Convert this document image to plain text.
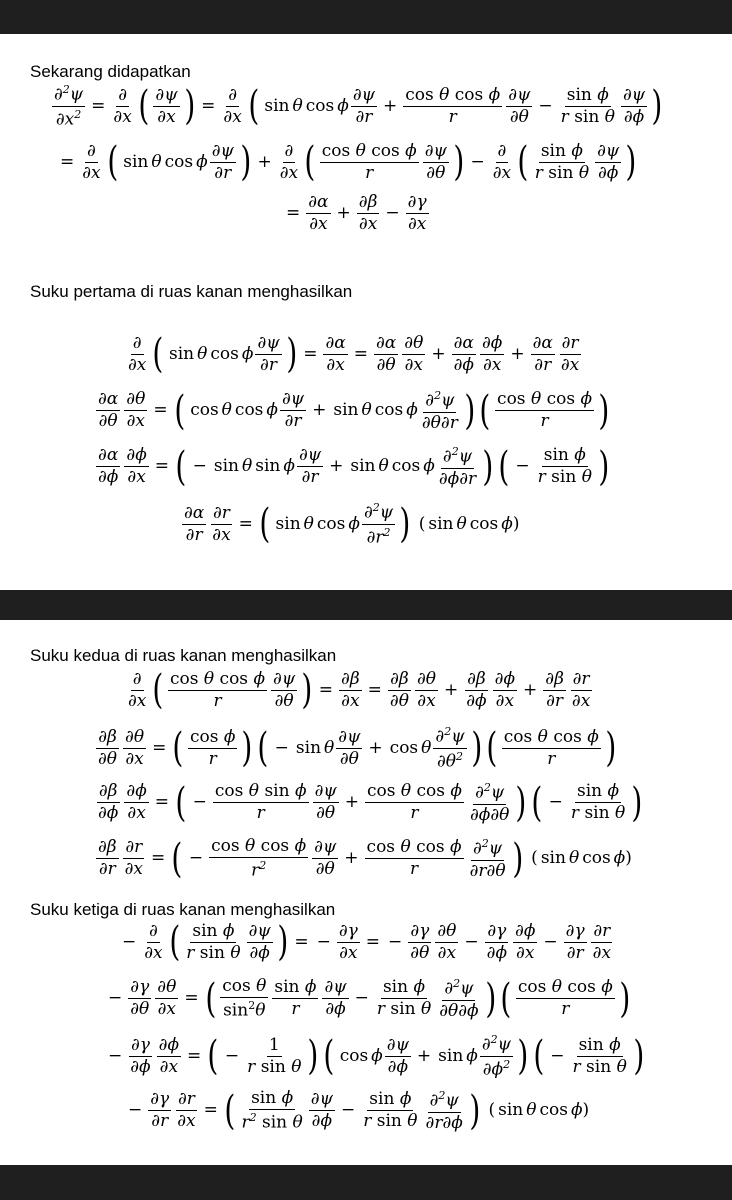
Sekarang didapatkan
$\frac{\partial^2\psi}{\partial x^2} = \frac{\partial}{\partial x}$ ( $\frac{\partial\psi}{\partial x}$ ) = $\frac{\partial}{\partial x}$ ( sin θ cos ϕ $\frac{\partial\psi}{\partial r} + \frac{\text{cos θ cos ϕ}}{r} \frac{\partial\psi}{\partial\theta} - \frac{\text{sin ϕ}}{\text{r sin θ}} \frac{\partial\psi}{\partial\phi}$ )
= $\frac{\partial}{\partial x}$ ( sin θ cos ϕ $\frac{\partial\psi}{\partial r}$ ) + $\frac{\partial}{\partial x}$ ( $\frac{\text{cos θ cos ϕ}}{r} \frac{\partial\psi}{\partial\theta}$ ) − $\frac{\partial}{\partial x}$ ( $\frac{\text{sin ϕ}}{\text{r sin θ}} \frac{\partial\psi}{\partial\phi}$ )
= $\frac{\partial\alpha}{\partial x} + \frac{\partial\beta}{\partial x} - \frac{\partial\gamma}{\partial x}$
Suku pertama di ruas kanan menghasilkan
$\frac{\partial}{\partial x}$ ( sin θ cos ϕ $\frac{\partial\psi}{\partial r}$ ) = $\frac{\partial\alpha}{\partial x} = \frac{\partial\alpha}{\partial\theta} \frac{\partial\theta}{\partial x} + \frac{\partial\alpha}{\partial\phi} \frac{\partial\phi}{\partial x} + \frac{\partial\alpha}{\partial r} \frac{\partial r}{\partial x}$
$\frac{\partial\alpha}{\partial\theta} \frac{\partial\theta}{\partial x}$ = ( cos θ cos ϕ $\frac{\partial\psi}{\partial r} + \sin \theta$ cos ϕ $\frac{\partial^2\psi}{\partial\theta\partial r}$ ) ( $\frac{\text{cos θ cos ϕ}}{r}$ )
$\frac{\partial\alpha}{\partial\phi} \frac{\partial\phi}{\partial x}$ = ( − sin θ sin ϕ $\frac{\partial\psi}{\partial r} + \sin \theta$ cos ϕ $\frac{\partial^2\psi}{\partial\phi\partial r}$ ) ( − $\frac{\text{sin ϕ}}{\text{r sin θ}}$ )
$\frac{\partial\alpha}{\partial r} \frac{\partial r}{\partial x}$ = ( sin θ cos ϕ $\frac{\partial^2\psi}{\partial r^2}$ ) ( sin θ cos ϕ )
Suku kedua di ruas kanan menghasilkan
$\frac{\partial}{\partial x}$ ( $\frac{\text{cos θ cos ϕ}}{r} \frac{\partial\psi}{\partial\theta}$ ) = $\frac{\partial\beta}{\partial x} = \frac{\partial\beta}{\partial\theta} \frac{\partial\theta}{\partial x} + \frac{\partial\beta}{\partial\phi} \frac{\partial\phi}{\partial x} + \frac{\partial\beta}{\partial r} \frac{\partial r}{\partial x}$
$\frac{\partial\beta}{\partial\theta} \frac{\partial\theta}{\partial x}$ = ( $\frac{\text{cos ϕ}}{r}$ ) ( − sin θ $\frac{\partial\psi}{\partial\theta} + \cos \theta \frac{\partial^2\psi}{\partial\theta^2}$ ) ( $\frac{\text{cos θ cos ϕ}}{r}$ )
$\frac{\partial\beta}{\partial\phi} \frac{\partial\phi}{\partial x}$ = ( − $\frac{\text{cos θ sin ϕ}}{r} \frac{\partial\psi}{\partial\theta} + \frac{\text{cos θ cos ϕ}}{r} \frac{\partial^2\psi}{\partial\phi\partial\theta}$ ) ( − $\frac{\text{sin ϕ}}{\text{r sin θ}}$ )
$\frac{\partial\beta}{\partial r} \frac{\partial r}{\partial x}$ = ( − $\frac{\text{cos θ cos ϕ}}{r^2} \frac{\partial\psi}{\partial\theta} + \frac{\text{cos θ cos ϕ}}{r} \frac{\partial^2\psi}{\partial r\partial\theta}$ ) ( sin θ cos ϕ )
Suku ketiga di ruas kanan menghasilkan
− $\frac{\partial}{\partial x}$ ( $\frac{\text{sin ϕ}}{\text{r sin θ}} \frac{\partial\psi}{\partial\phi}$ ) = − $\frac{\partial\gamma}{\partial x}$ = − $\frac{\partial\gamma}{\partial\theta} \frac{\partial\theta}{\partial x} - \frac{\partial\gamma}{\partial\phi} \frac{\partial\phi}{\partial x} - \frac{\partial\gamma}{\partial r} \frac{\partial r}{\partial x}$
− $\frac{\partial\gamma}{\partial\theta} \frac{\partial\theta}{\partial x}$ = ( $\frac{\text{cos θ}}{\sin^2\theta} \frac{\text{sin ϕ}}{r} \frac{\partial\psi}{\partial\phi} - \frac{\text{sin ϕ}}{\text{r sin θ}} \frac{\partial^2\psi}{\partial\theta\partial\phi}$ ) ( $\frac{\text{cos θ cos ϕ}}{r}$ )
− $\frac{\partial\gamma}{\partial\phi} \frac{\partial\phi}{\partial x}$ = ( − $\frac{1}{\text{r sin θ}}$ ) ( cos ϕ $\frac{\partial\psi}{\partial\phi} + \sin \phi \frac{\partial^2\psi}{\partial\phi^2}$ ) ( − $\frac{\text{sin ϕ}}{\text{r sin θ}}$ )
− $\frac{\partial\gamma}{\partial r} \frac{\partial r}{\partial x}$ = ( $\frac{\text{sin ϕ}}{r^2 \sin \theta} \frac{\partial\psi}{\partial\phi} - \frac{\text{sin ϕ}}{\text{r sin θ}} \frac{\partial^2\psi}{\partial r\partial\phi}$ ) ( sin θ cos ϕ )
